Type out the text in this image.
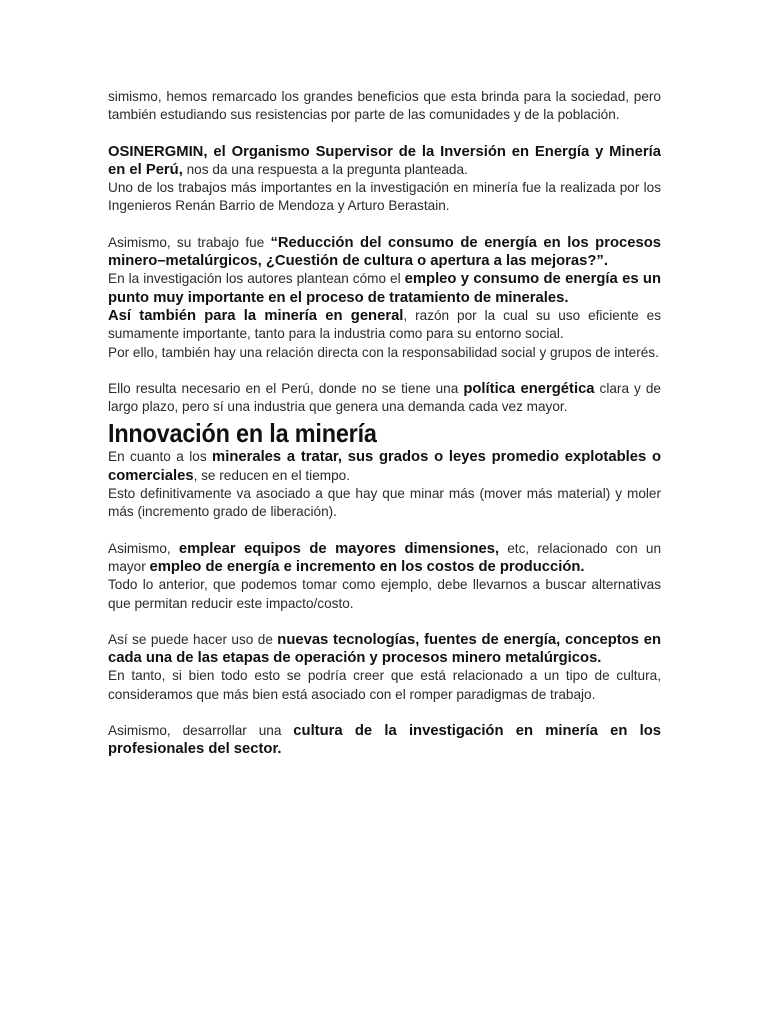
simismo, hemos remarcado los grandes beneficios que esta brinda para la sociedad, pero también estudiando sus resistencias por parte de las comunidades y de la población.

OSINERGMIN, el Organismo Supervisor de la Inversión en Energía y Minería en el Perú, nos da una respuesta a la pregunta planteada.

Uno de los trabajos más importantes en la investigación en minería fue la realizada por los Ingenieros Renán Barrio de Mendoza y Arturo Berastain.

Asimismo, su trabajo fue “Reducción del consumo de energía en los procesos minero–metalúrgicos, ¿Cuestión de cultura o apertura a las mejoras?”.

En la investigación los autores plantean cómo el empleo y consumo de energía es un punto muy importante en el proceso de tratamiento de minerales.

Así también para la minería en general, razón por la cual su uso eficiente es sumamente importante, tanto para la industria como para su entorno social.

Por ello, también hay una relación directa con la responsabilidad social y grupos de interés.

Ello resulta necesario en el Perú, donde no se tiene una política energética clara y de largo plazo, pero sí una industria que genera una demanda cada vez mayor.

Innovación en la minería

En cuanto a los minerales a tratar, sus grados o leyes promedio explotables o comerciales, se reducen en el tiempo.

Esto definitivamente va asociado a que hay que minar más (mover más material) y moler más (incremento grado de liberación).

Asimismo, emplear equipos de mayores dimensiones, etc, relacionado con un mayor empleo de energía e incremento en los costos de producción.

Todo lo anterior, que podemos tomar como ejemplo, debe llevarnos a buscar alternativas que permitan reducir este impacto/costo.

Así se puede hacer uso de nuevas tecnologías, fuentes de energía, conceptos en cada una de las etapas de operación y procesos minero metalúrgicos.

En tanto, si bien todo esto se podría creer que está relacionado a un tipo de cultura, consideramos que más bien está asociado con el romper paradigmas de trabajo.

Asimismo, desarrollar una cultura de la investigación en minería en los profesionales del sector.
